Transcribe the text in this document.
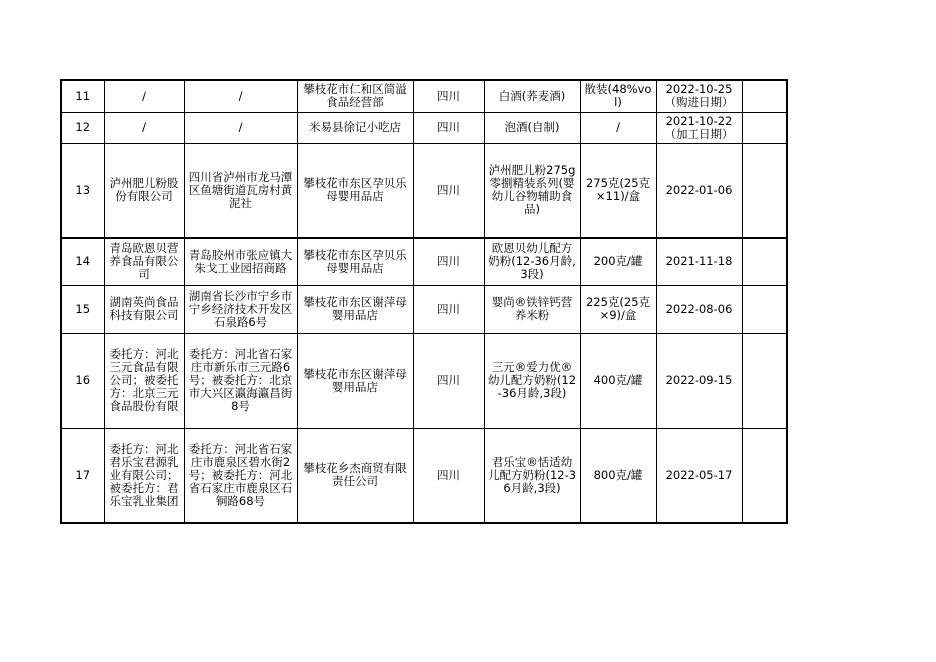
11	/	/	攀枝花市仁和区简溢食品经营部	四川	白酒(荞麦酒)	散装(48%vol)	2022-10-25（购进日期）	
12	/	/	米易县徐记小吃店	四川	泡酒(自制)	/	2021-10-22（加工日期）	
13	泸州肥儿粉股份有限公司	四川省泸州市龙马潭区鱼塘街道瓦房村黄泥社	攀枝花市东区孕贝乐母婴用品店	四川	泸州肥儿粉275g零捌精装系列(婴幼儿谷物辅助食品)	275克(25克×11)/盒	2022-01-06	
14	青岛欧恩贝营养食品有限公司	青岛胶州市张应镇大朱戈工业园招商路	攀枝花市东区孕贝乐母婴用品店	四川	欧恩贝幼儿配方奶粉(12-36月龄,3段)	200克/罐	2021-11-18	
15	湖南英尚食品科技有限公司	湖南省长沙市宁乡市宁乡经济技术开发区石泉路6号	攀枝花市东区谢萍母婴用品店	四川	婴尚®铁锌钙营养米粉	225克(25克×9)/盒	2022-08-06	
16	委托方：河北三元食品有限公司；被委托方：北京三元食品股份有限	委托方：河北省石家庄市新乐市三元路6号；被委托方：北京市大兴区瀛海瀛昌街8号	攀枝花市东区谢萍母婴用品店	四川	三元®爱力优®幼儿配方奶粉(12-36月龄,3段)	400克/罐	2022-09-15	
17	委托方：河北君乐宝君源乳业有限公司；被委托方：君乐宝乳业集团	委托方：河北省石家庄市鹿泉区碧水街2号；被委托方：河北省石家庄市鹿泉区石铜路68号	攀枝花乡杰商贸有限责任公司	四川	君乐宝®恬适幼儿配方奶粉(12-36月龄,3段)	800克/罐	2022-05-17	
